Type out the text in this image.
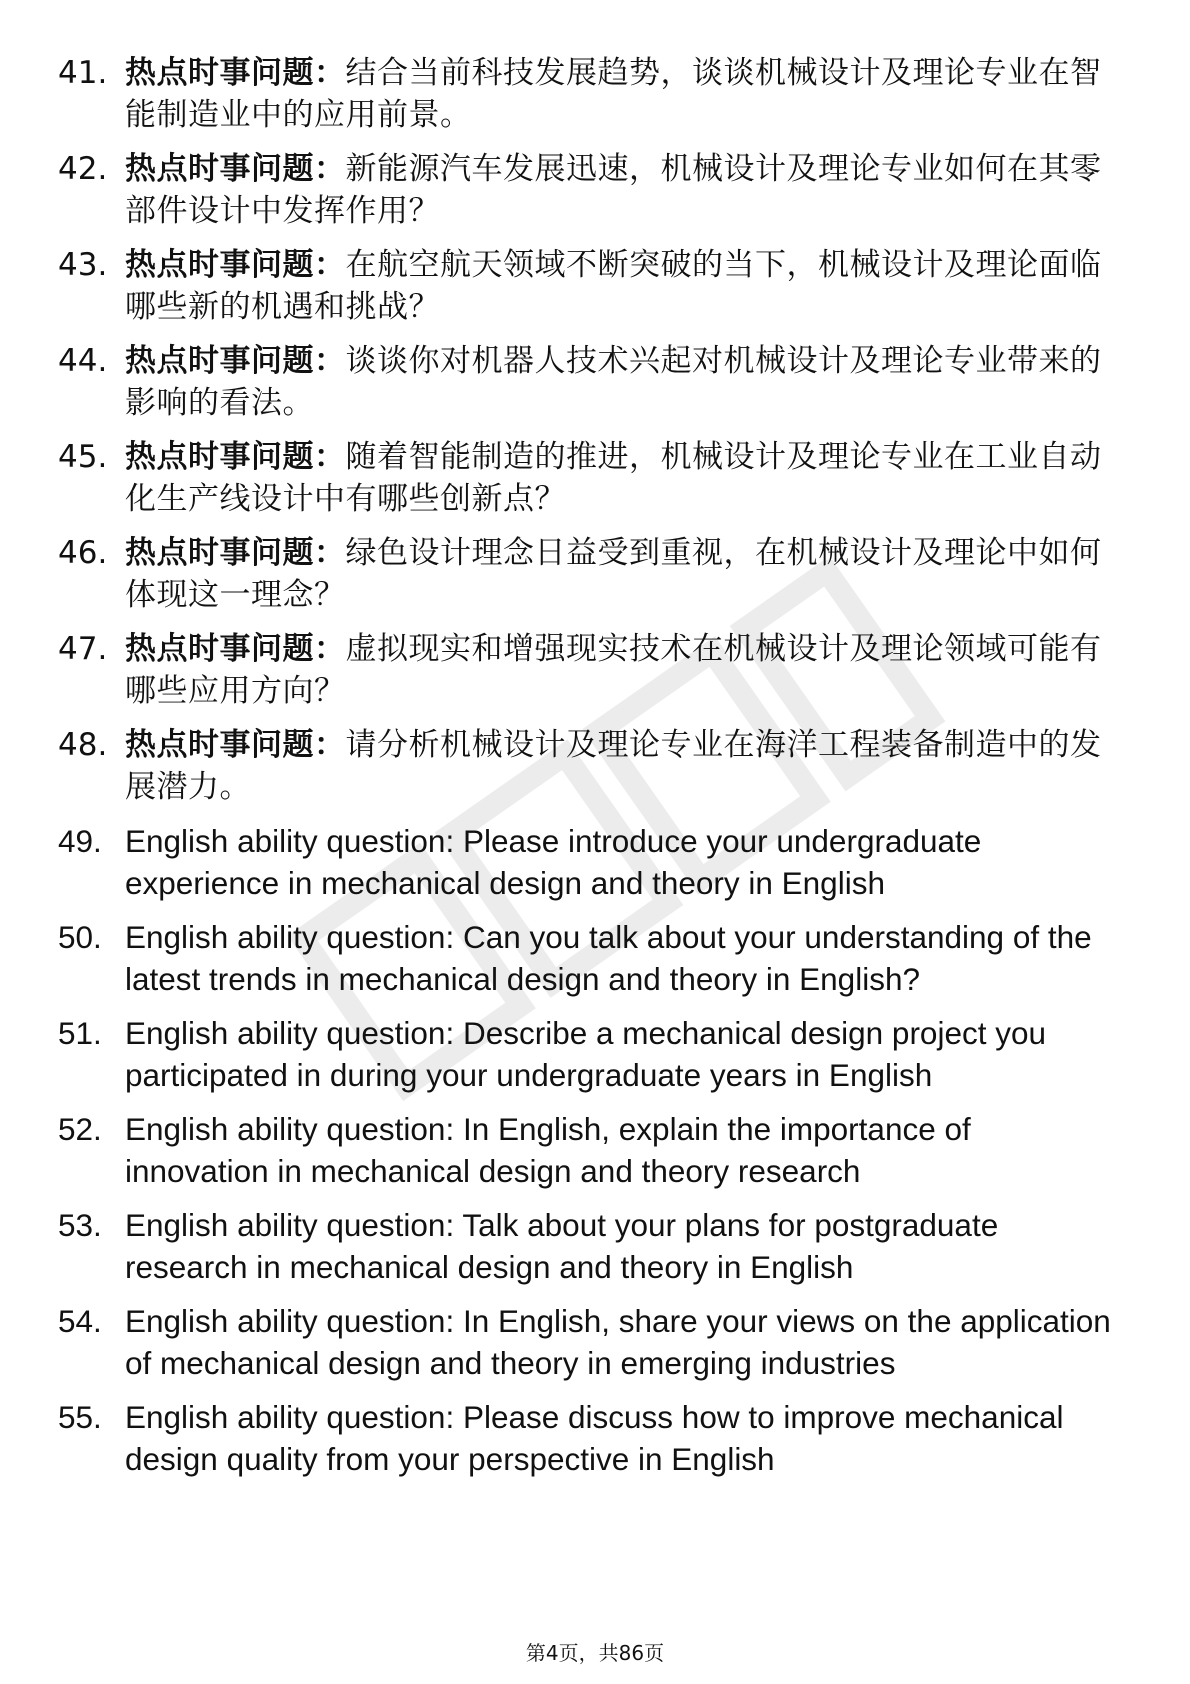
41. 热点时事问题：结合当前科技发展趋势，谈谈机械设计及理论专业在智能制造业中的应用前景。
42. 热点时事问题：新能源汽车发展迅速，机械设计及理论专业如何在其零部件设计中发挥作用？
43. 热点时事问题：在航空航天领域不断突破的当下，机械设计及理论面临哪些新的机遇和挑战？
44. 热点时事问题：谈谈你对机器人技术兴起对机械设计及理论专业带来的影响的看法。
45. 热点时事问题：随着智能制造的推进，机械设计及理论专业在工业自动化生产线设计中有哪些创新点？
46. 热点时事问题：绿色设计理念日益受到重视，在机械设计及理论中如何体现这一理念？
47. 热点时事问题：虚拟现实和增强现实技术在机械设计及理论领域可能有哪些应用方向？
48. 热点时事问题：请分析机械设计及理论专业在海洋工程装备制造中的发展潜力。
49. English ability question: Please introduce your undergraduate experience in mechanical design and theory in English
50. English ability question: Can you talk about your understanding of the latest trends in mechanical design and theory in English?
51. English ability question: Describe a mechanical design project you participated in during your undergraduate years in English
52. English ability question: In English, explain the importance of innovation in mechanical design and theory research
53. English ability question: Talk about your plans for postgraduate research in mechanical design and theory in English
54. English ability question: In English, share your views on the application of mechanical design and theory in emerging industries
55. English ability question: Please discuss how to improve mechanical design quality from your perspective in English
第4页，共86页
